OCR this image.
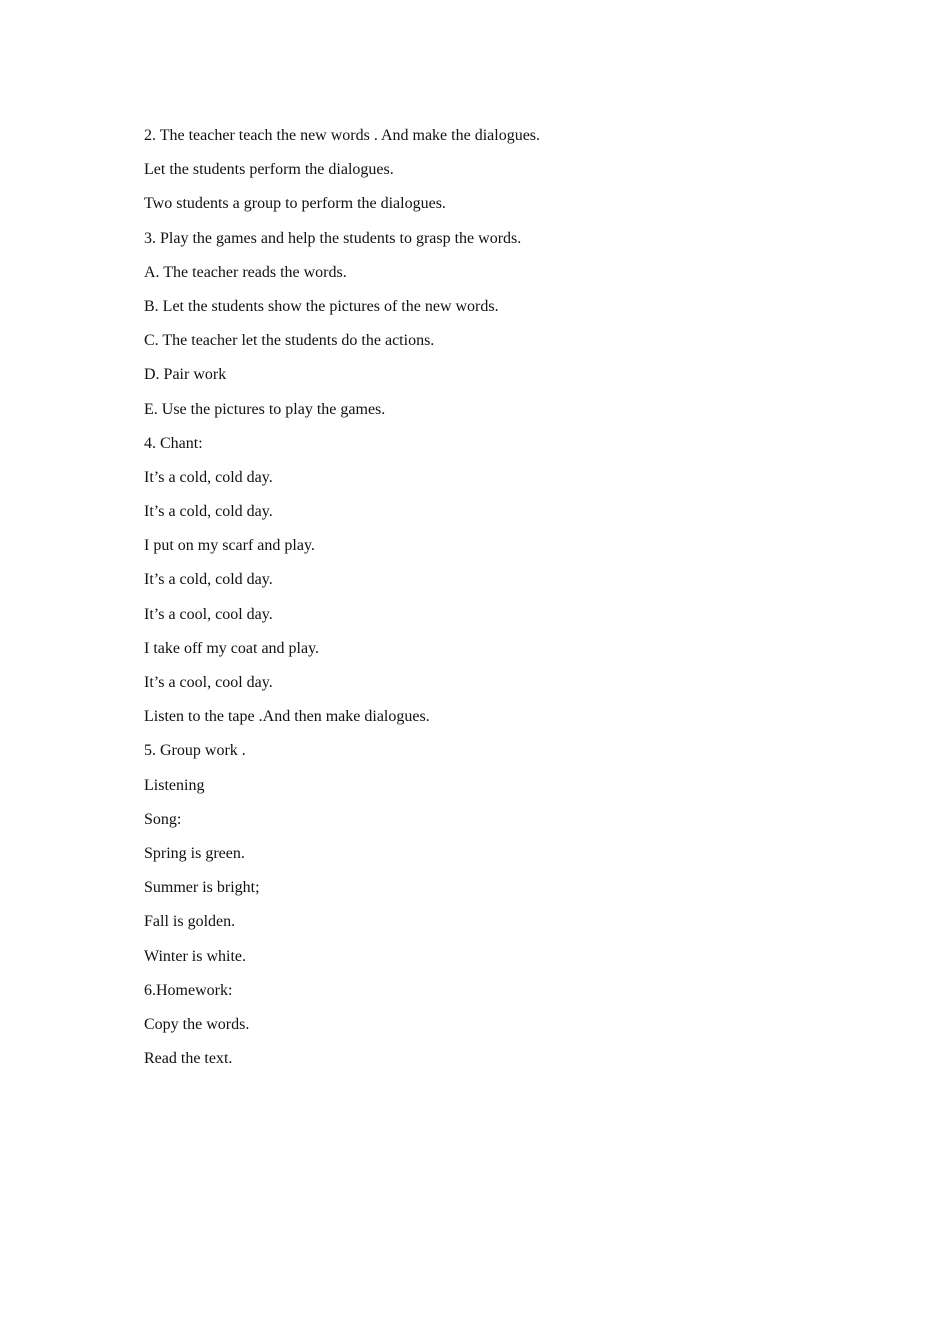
2. The teacher teach the new words . And make the dialogues.
Let the students perform the dialogues.
Two students a group to perform the dialogues.
3. Play the games and help the students to grasp the words.
A. The teacher reads the words.
B. Let the students show the pictures of the new words.
C. The teacher let the students do the actions.
D. Pair work
E. Use the pictures to play the games.
4. Chant:
It’s a cold, cold day.
It’s a cold, cold day.
I put on my scarf and play.
It’s a cold, cold day.
It’s a cool, cool day.
I take off my coat and play.
It’s a cool, cool day.
Listen to the tape .And then make dialogues.
5. Group work .
Listening
Song:
Spring is green.
Summer is bright;
Fall is golden.
Winter is white.
6.Homework:
Copy the words.
Read the text.
